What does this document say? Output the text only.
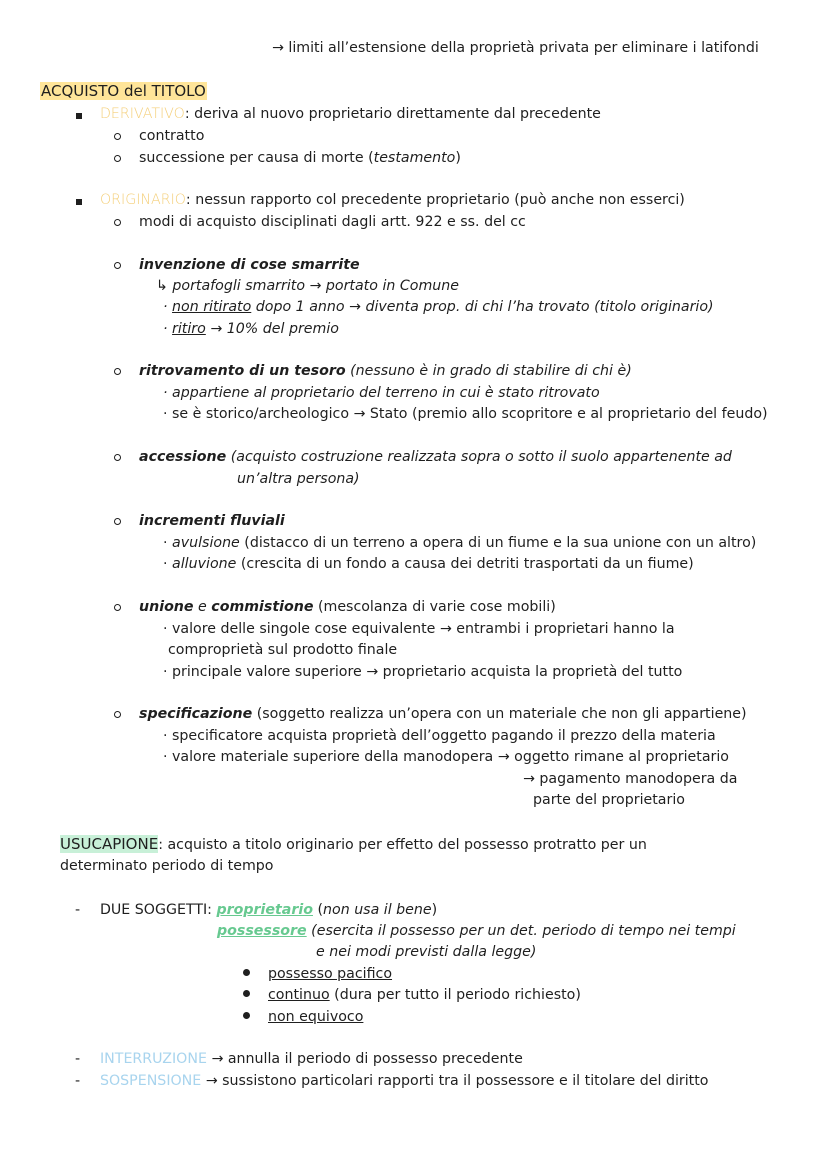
→ limiti all’estensione della proprietà privata per eliminare i latifondi
ACQUISTO del TITOLO
DERIVATIVO: deriva al nuovo proprietario direttamente dal precedente
contratto
successione per causa di morte (testamento)
ORIGINARIO: nessun rapporto col precedente proprietario (può anche non esserci)
modi di acquisto disciplinati dagli artt. 922 e ss. del cc
invenzione di cose smarrite
↳ portafogli smarrito → portato in Comune
· non ritirato dopo 1 anno → diventa prop. di chi l’ha trovato (titolo originario)
· ritiro → 10% del premio
ritrovamento di un tesoro (nessuno è in grado di stabilire di chi è)
· appartiene al proprietario del terreno in cui è stato ritrovato
· se è storico/archeologico → Stato (premio allo scopritore e al proprietario del feudo)
accessione (acquisto costruzione realizzata sopra o sotto il suolo appartenente ad
un’altra persona)
incrementi fluviali
· avulsione (distacco di un terreno a opera di un fiume e la sua unione con un altro)
· alluvione (crescita di un fondo a causa dei detriti trasportati da un fiume)
unione e commistione (mescolanza di varie cose mobili)
· valore delle singole cose equivalente → entrambi i proprietari hanno la
comproprietà sul prodotto finale
· principale valore superiore → proprietario acquista la proprietà del tutto
specificazione (soggetto realizza un’opera con un materiale che non gli appartiene)
· specificatore acquista proprietà dell’oggetto pagando il prezzo della materia
· valore materiale superiore della manodopera → oggetto rimane al proprietario
→ pagamento manodopera da
parte del proprietario
USUCAPIONE: acquisto a titolo originario per effetto del possesso protratto per un
determinato periodo di tempo
- DUE SOGGETTI: proprietario (non usa il bene)
possessore (esercita il possesso per un det. periodo di tempo nei tempi
e nei modi previsti dalla legge)
possesso pacifico
continuo (dura per tutto il periodo richiesto)
non equivoco
- INTERRUZIONE → annulla il periodo di possesso precedente
- SOSPENSIONE → sussistono particolari rapporti tra il possessore e il titolare del diritto
